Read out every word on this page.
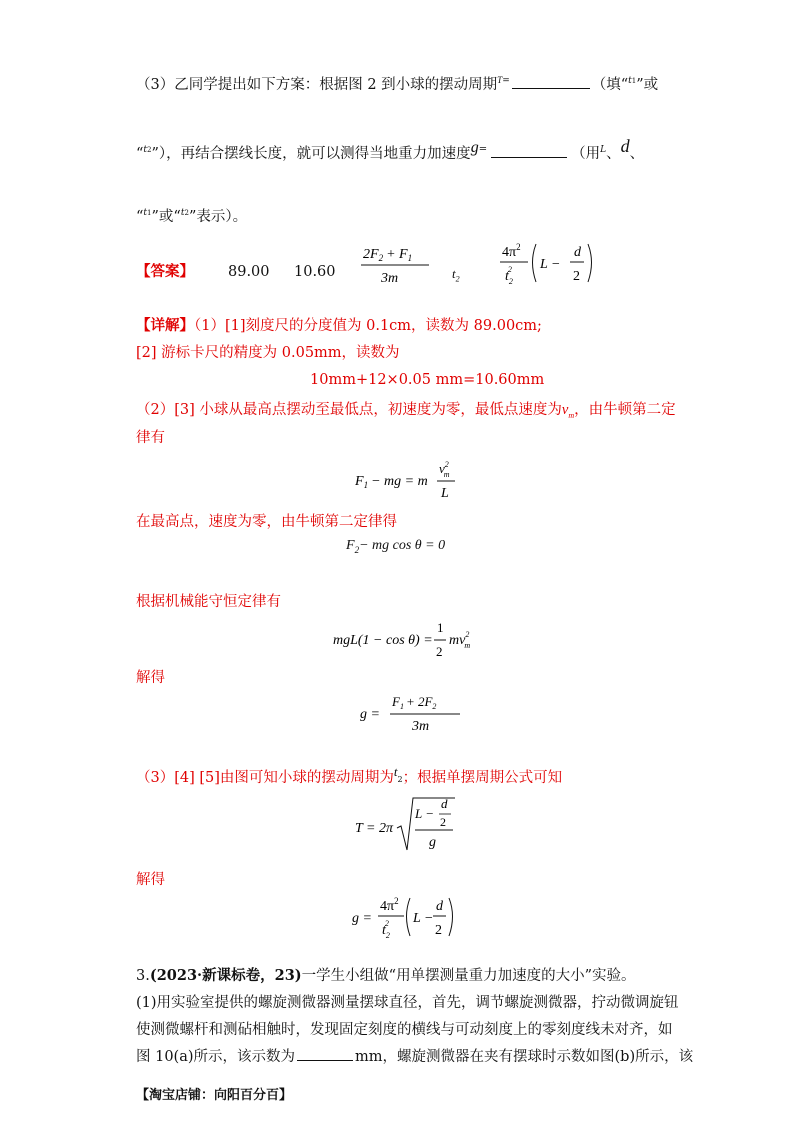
（3）乙同学提出如下方案：根据图 2 到小球的摆动周期$^{T=}$	（填“$^{t1}$”或
“$^{t2}$”），再结合摆线长度，就可以测得当地重力加速度g=	（用$^L$、d、
“$^{t1}$”或“$^{t2}$”表示）。
【答案】 89.00 10.60
$2F_2 + F_1$
3m	$t_2$
$4\pi^2$
$t_22$ L −
d
2
【详解】（1）[1]刻度尺的分度值为 0.1cm，读数为 89.00cm;
[2] 游标卡尺的精度为 0.05mm，读数为
10mm+12×0.05 mm=10.60mm
（2）[3] 小球从最高点摆动至最低点，初速度为零，最低点速度为$v_m$，由牛顿第二定
律有
$F_1$ − mg = m
$v^2$ m
L
在最高点，速度为零，由牛顿第二定律得
$F_2-$ mg cos θ = 0
根据机械能守恒定律有
mgL(1 − cos θ) =
1
2
$mv^2$ m
解得
g =
$F_1 + 2F_2$
3m
（3）[4] [5]由图可知小球的摆动周期为t2；根据单摆周期公式可知
T = 2π
L −
d
2
g
解得
g =
$4\pi^2$
$t_22$ L −
d
2
3.(2023·新课标卷，23)一学生小组做“用单摆测量重力加速度的大小”实验。
(1)用实验室提供的螺旋测微器测量摆球直径，首先，调节螺旋测微器，拧动微调旋钮
使测微螺杆和测砧相触时，发现固定刻度的横线与可动刻度上的零刻度线未对齐，如
图 10(a)所示，该示数为	mm，螺旋测微器在夹有摆球时示数如图(b)所示，该
【淘宝店铺：向阳百分百】
